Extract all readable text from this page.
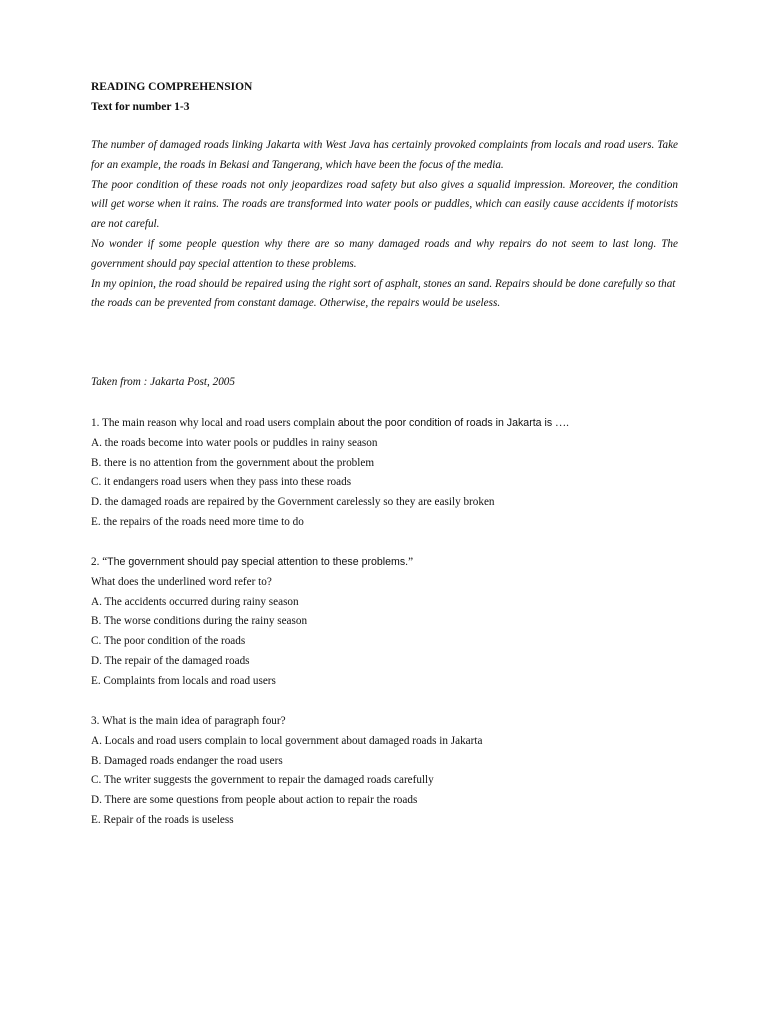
READING COMPREHENSION
Text for number 1-3

The number of damaged roads linking Jakarta with West Java has certainly provoked complaints from locals and road users. Take for an example, the roads in Bekasi and Tangerang, which have been the focus of the media.

The poor condition of these roads not only jeopardizes road safety but also gives a squalid impression. Moreover, the condition will get worse when it rains. The roads are transformed into water pools or puddles, which can easily cause accidents if motorists are not careful.

No wonder if some people question why there are so many damaged roads and why repairs do not seem to last long. The government should pay special attention to these problems.

In my opinion, the road should be repaired using the right sort of asphalt, stones an sand. Repairs should be done carefully so that the roads can be prevented from constant damage. Otherwise, the repairs would be useless.

Taken from : Jakarta Post, 2005
1. The main reason why local and road users complain about the poor condition of roads in Jakarta is ….
A. the roads become into water pools or puddles in rainy season
B. there is no attention from the government about the problem
C. it endangers road users when they pass into these roads
D. the damaged roads are repaired by the Government carelessly so they are easily broken
E. the repairs of the roads need more time to do
2. “The government should pay special attention to these problems.”
What does the underlined word refer to?
A. The accidents occurred during rainy season
B. The worse conditions during the rainy season
C. The poor condition of the roads
D. The repair of the damaged roads
E. Complaints from locals and road users
3. What is the main idea of paragraph four?
A. Locals and road users complain to local government about damaged roads in Jakarta
B. Damaged roads endanger the road users
C. The writer suggests the government to repair the damaged roads carefully
D. There are some questions from people about action to repair the roads
E. Repair of the roads is useless
